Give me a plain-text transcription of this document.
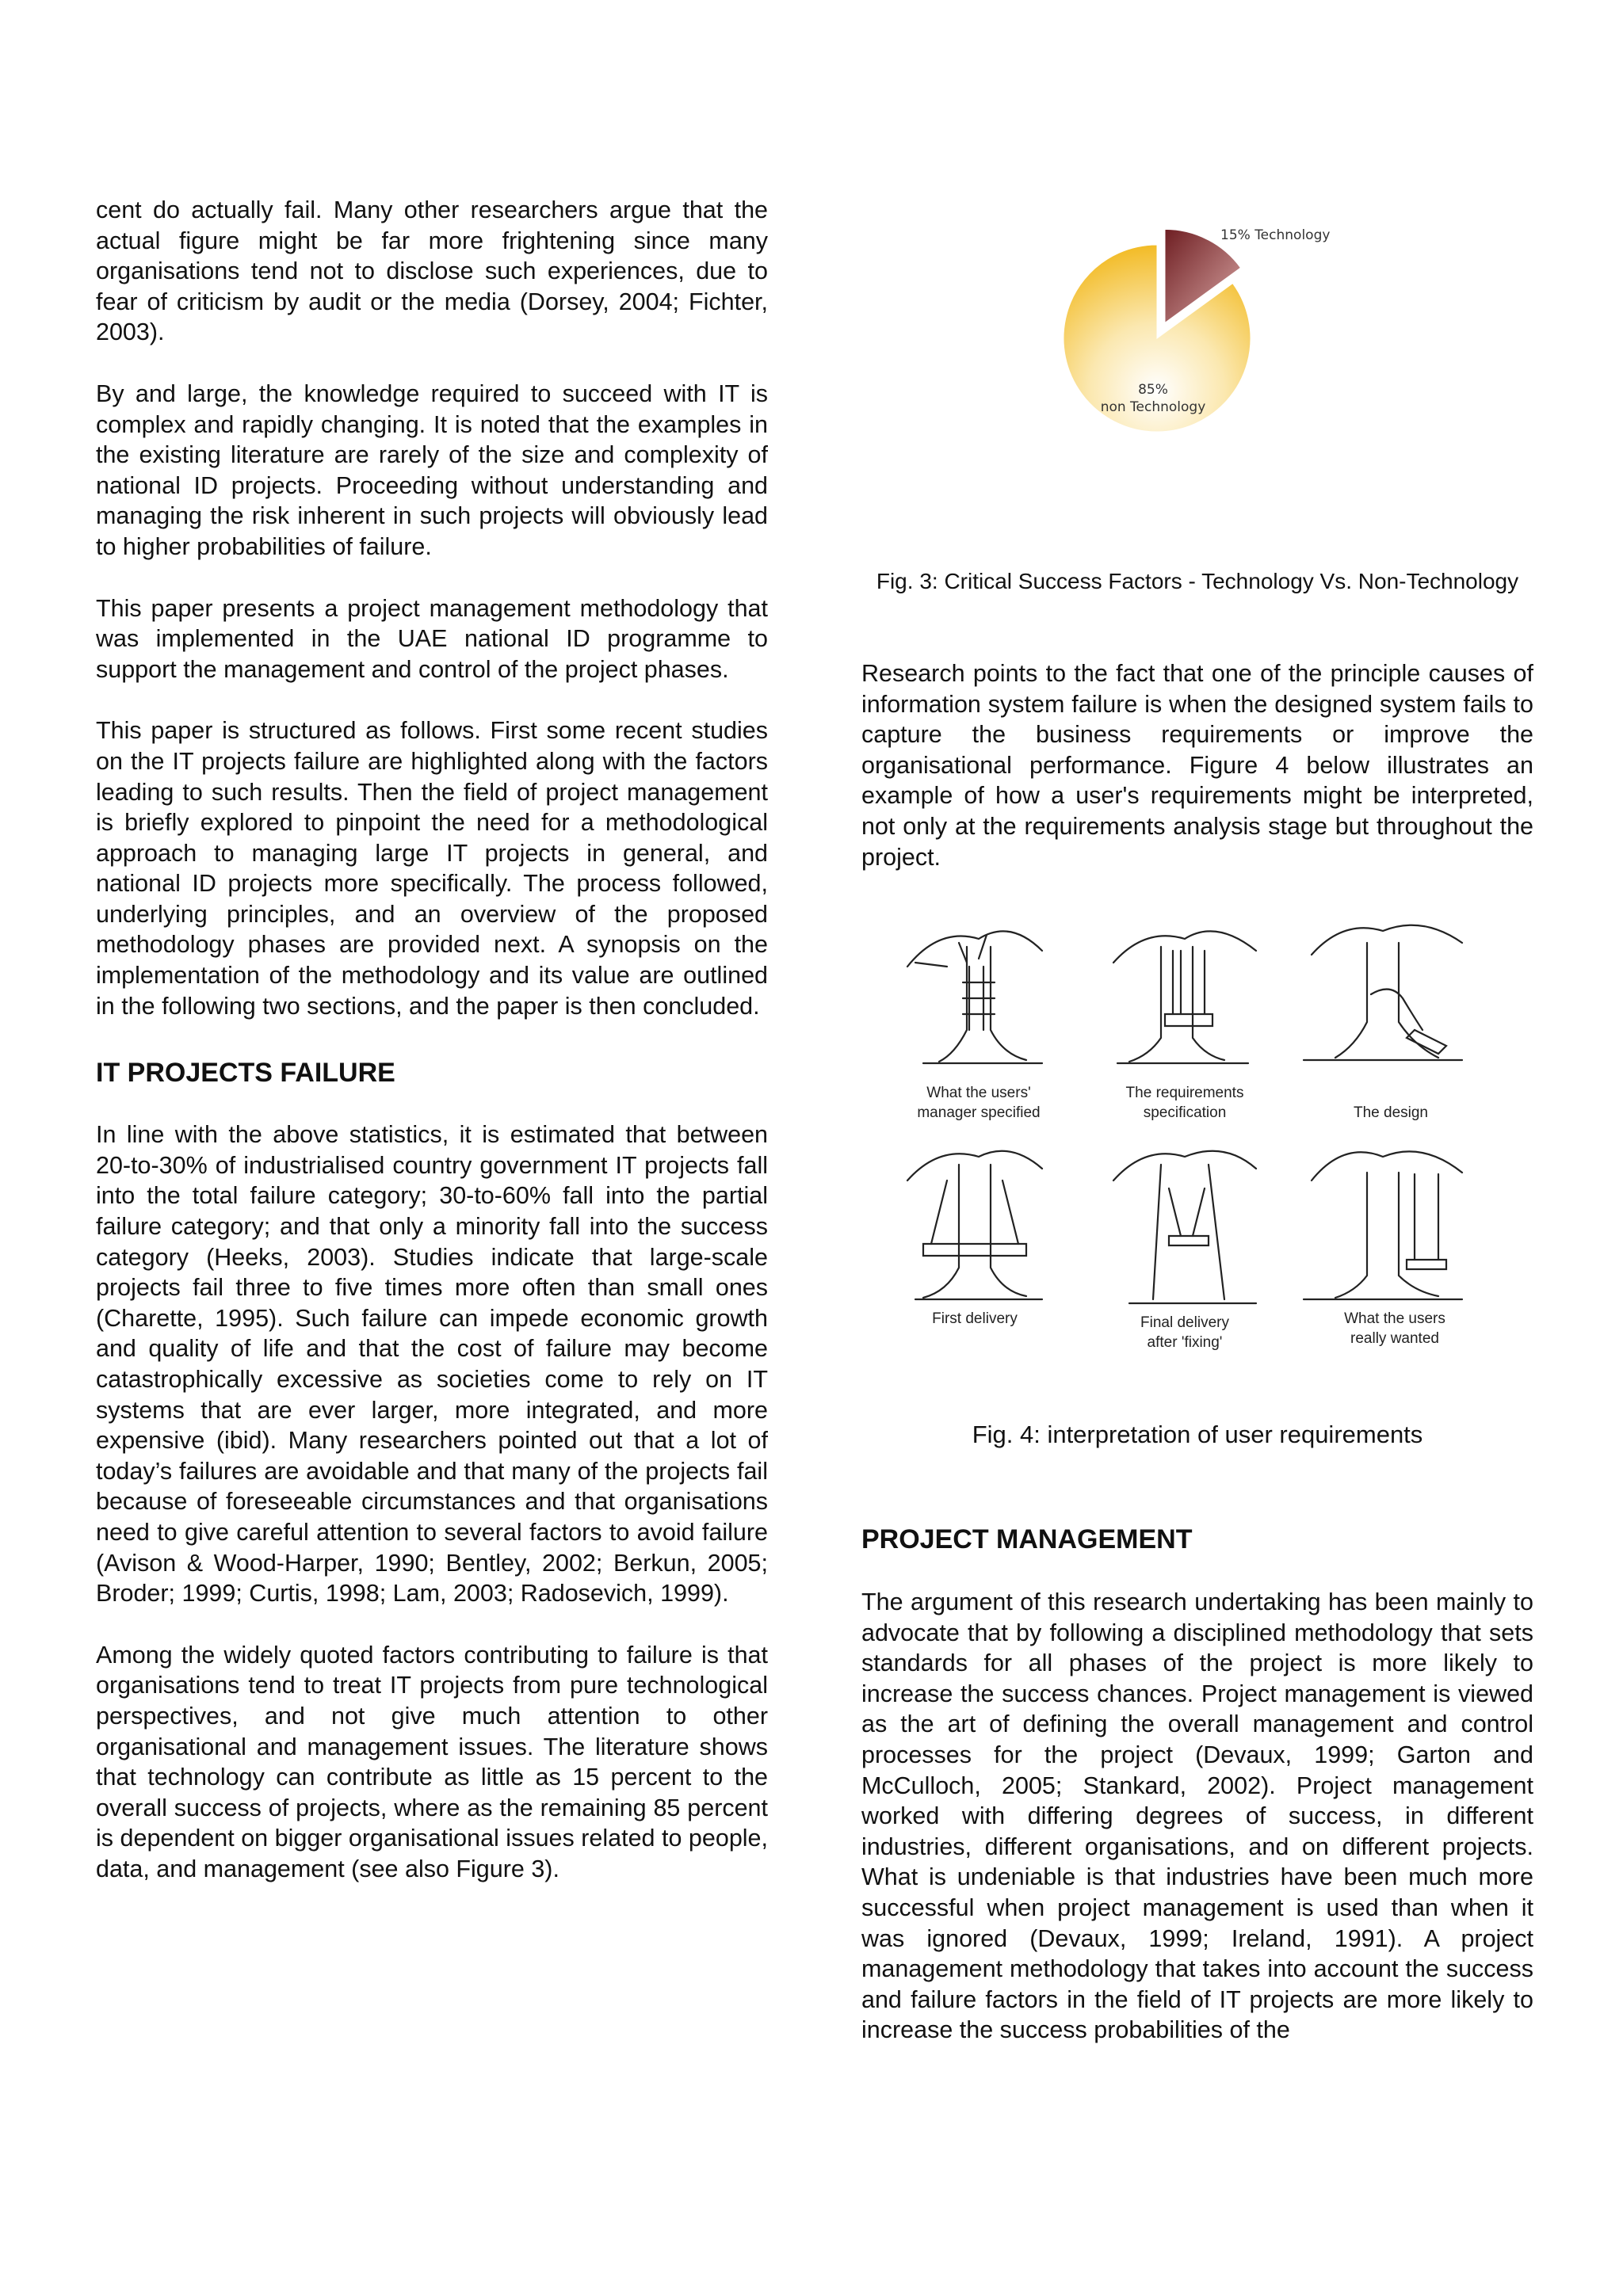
cent do actually fail. Many other researchers argue that the actual figure might be far more frightening since many organisations tend not to disclose such experiences, due to fear of criticism by audit or the media (Dorsey, 2004; Fichter, 2003).

By and large, the knowledge required to succeed with IT is complex and rapidly changing. It is noted that the examples in the existing literature are rarely of the size and complexity of national ID projects. Proceeding without understanding and managing the risk inherent in such projects will obviously lead to higher probabilities of failure.

This paper presents a project management methodology that was implemented in the UAE national ID programme to support the management and control of the project phases.

This paper is structured as follows. First some recent studies on the IT projects failure are highlighted along with the factors leading to such results. Then the field of project management is briefly explored to pinpoint the need for a methodological approach to managing large IT projects in general, and national ID projects more specifically. The process followed, underlying principles, and an overview of the proposed methodology phases are provided next. A synopsis on the implementation of the methodology and its value are outlined in the following two sections, and the paper is then concluded.

IT PROJECTS FAILURE

In line with the above statistics, it is estimated that between 20-to-30% of industrialised country government IT projects fall into the total failure category; 30-to-60% fall into the partial failure category; and that only a minority fall into the success category (Heeks, 2003). Studies indicate that large-scale projects fail three to five times more often than small ones (Charette, 1995). Such failure can impede economic growth and quality of life and that the cost of failure may become catastrophically excessive as societies come to rely on IT systems that are ever larger, more integrated, and more expensive (ibid). Many researchers pointed out that a lot of today’s failures are avoidable and that many of the projects fail because of foreseeable circumstances and that organisations need to give careful attention to several factors to avoid failure (Avison & Wood-Harper, 1990; Bentley, 2002; Berkun, 2005; Broder; 1999; Curtis, 1998; Lam, 2003; Radosevich, 1999).

Among the widely quoted factors contributing to failure is that organisations tend to treat IT projects from pure technological perspectives, and not give much attention to other organisational and management issues. The literature shows that technology can contribute as little as 15 percent to the overall success of projects, where as the remaining 85 percent is dependent on bigger organisational issues related to people, data, and management (see also Figure 3).

15% Technology
85%
non Technology

Fig. 3: Critical Success Factors - Technology Vs. Non-Technology

Research points to the fact that one of the principle causes of information system failure is when the designed system fails to capture the business requirements or improve the organisational performance. Figure 4 below illustrates an example of how a user's requirements might be interpreted, not only at the requirements analysis stage but throughout the project.

What the users'
manager specified
The requirements
specification	The design
First delivery	Final delivery
after 'fixing'
What the users
really wanted

Fig. 4: interpretation of user requirements

PROJECT MANAGEMENT

The argument of this research undertaking has been mainly to advocate that by following a disciplined methodology that sets standards for all phases of the project is more likely to increase the success chances. Project management is viewed as the art of defining the overall management and control processes for the project (Devaux, 1999; Garton and McCulloch, 2005; Stankard, 2002). Project management worked with differing degrees of success, in different industries, different organisations, and on different projects. What is undeniable is that industries have been much more successful when project management is used than when it was ignored (Devaux, 1999; Ireland, 1991). A project management methodology that takes into account the success and failure factors in the field of IT projects are more likely to increase the success probabilities of the
